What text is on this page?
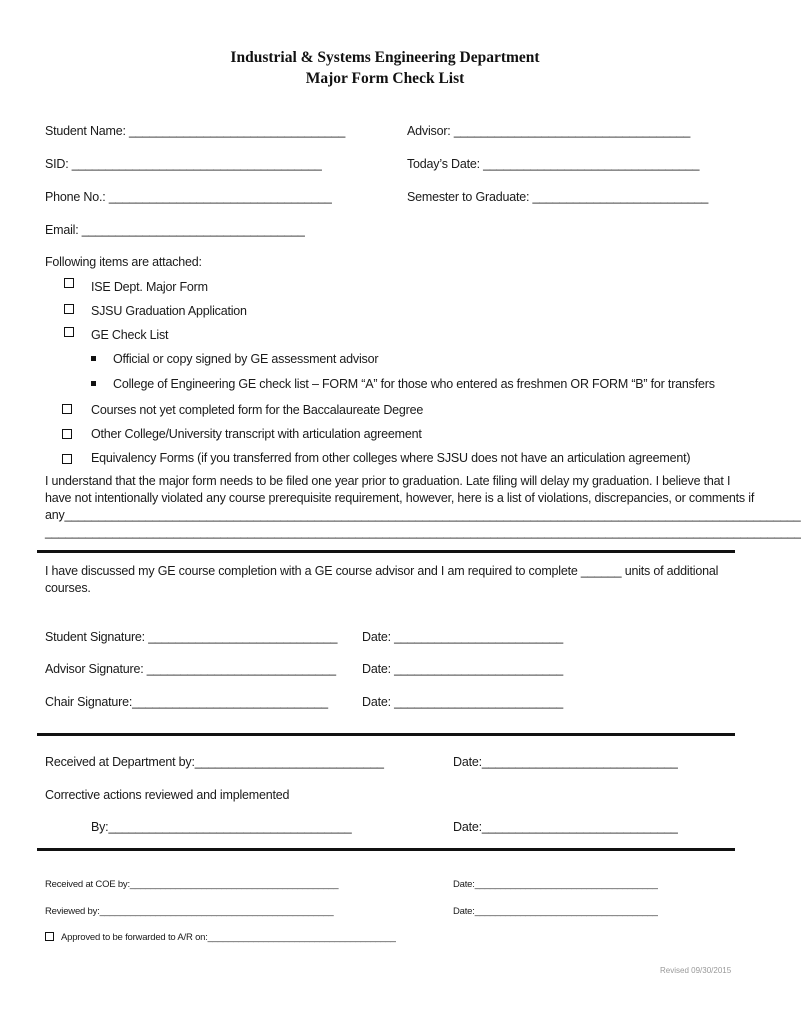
Industrial & Systems Engineering Department
Major Form Check List
Student Name: ________________________________	Advisor: ___________________________________
SID: _____________________________________	Today’s Date: ________________________________
Phone No.: _________________________________	Semester to Graduate: __________________________
Email: _________________________________
Following items are attached:
ISE Dept. Major Form
SJSU Graduation Application
GE Check List
Official or copy signed by GE assessment advisor
College of Engineering GE check list – FORM “A” for those who entered as freshmen OR FORM “B” for transfers
Courses not yet completed form for the Baccalaureate Degree
Other College/University transcript with articulation agreement
Equivalency Forms (if you transferred from other colleges where SJSU does not have an articulation agreement)
I understand that the major form needs to be filed one year prior to graduation. Late filing will delay my graduation. I believe that I
have not intentionally violated any course prerequisite requirement, however, here is a list of violations, discrepancies, or comments if
any_____________________________________________________________________________________________________________
________________________________________________________________________________________________________________
I have discussed my GE course completion with a GE course advisor and I am required to complete ______ units of additional
courses.
Student Signature: ____________________________ Date: _________________________
Advisor Signature: ____________________________ Date: _________________________
Chair Signature:_____________________________	Date: _________________________
Received at Department by:____________________________	Date:_____________________________
Corrective actions reviewed and implemented
By:____________________________________	Date:_____________________________
Received at COE by:_________________________________________	Date:____________________________________
Reviewed by:______________________________________________	Date:____________________________________
Approved to be forwarded to A/R on:_____________________________________
Revised 09/30/2015
